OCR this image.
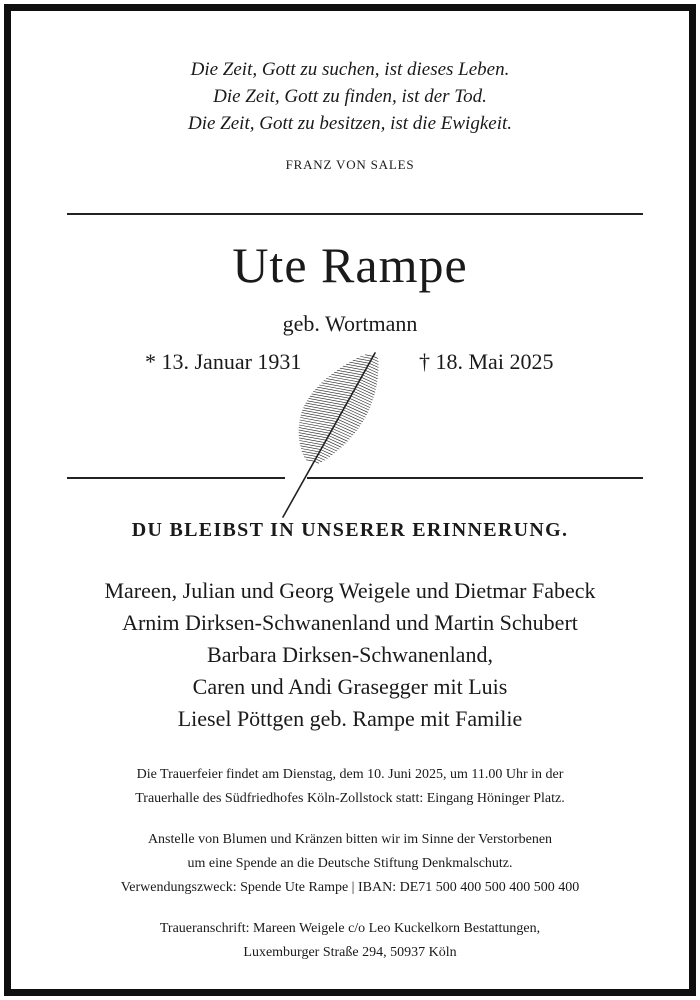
Die Zeit, Gott zu suchen, ist dieses Leben.
Die Zeit, Gott zu finden, ist der Tod.
Die Zeit, Gott zu besitzen, ist die Ewigkeit.
FRANZ VON SALES
Ute Rampe
geb. Wortmann
* 13. Januar 1931	† 18. Mai 2025
DU BLEIBST IN UNSERER ERINNERUNG.
Mareen, Julian und Georg Weigele und Dietmar Fabeck
Arnim Dirksen-Schwanenland und Martin Schubert
Barbara Dirksen-Schwanenland,
Caren und Andi Grasegger mit Luis
Liesel Pöttgen geb. Rampe mit Familie
Die Trauerfeier findet am Dienstag, dem 10. Juni 2025, um 11.00 Uhr in der
Trauerhalle des Südfriedhofes Köln-Zollstock statt: Eingang Höninger Platz.
Anstelle von Blumen und Kränzen bitten wir im Sinne der Verstorbenen
um eine Spende an die Deutsche Stiftung Denkmalschutz.
Verwendungszweck: Spende Ute Rampe | IBAN: DE71 500 400 500 400 500 400
Traueranschrift: Mareen Weigele c/o Leo Kuckelkorn Bestattungen,
Luxemburger Straße 294, 50937 Köln
